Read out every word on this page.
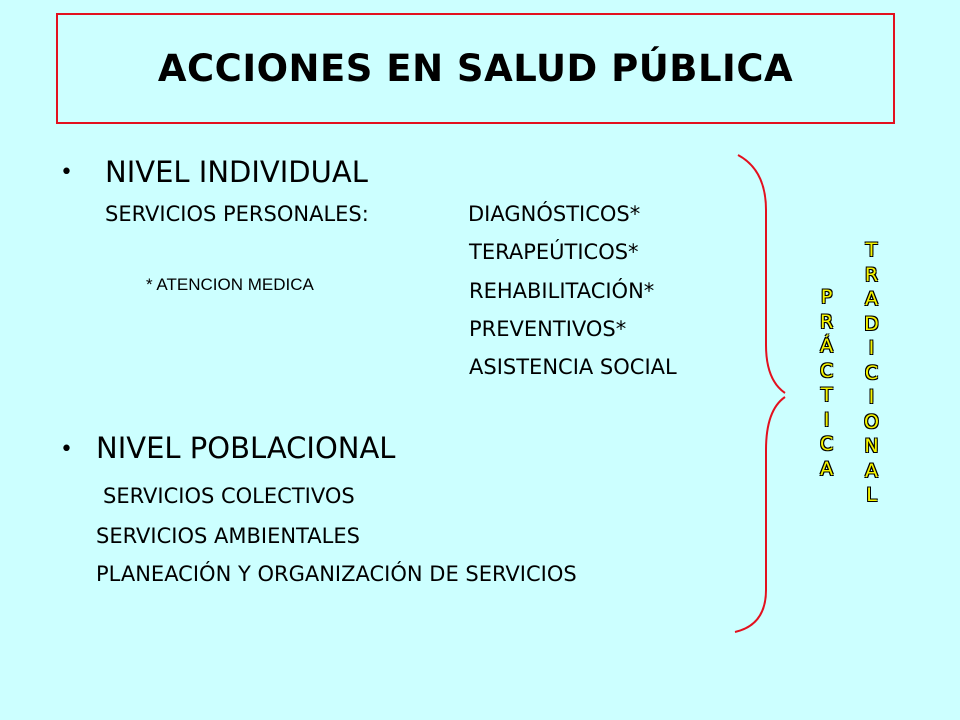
ACCIONES EN SALUD PÚBLICA
• NIVEL INDIVIDUAL
SERVICIOS PERSONALES:	DIAGNÓSTICOS*
TERAPEÚTICOS*
REHABILITACIÓN*
PREVENTIVOS*
ASISTENCIA SOCIAL
* ATENCION MEDICA
• NIVEL POBLACIONAL
SERVICIOS COLECTIVOS
SERVICIOS AMBIENTALES
PLANEACIÓN Y ORGANIZACIÓN DE SERVICIOS
P
R
Á
C
T
I
C
A
T
R
A
D
I
C
I
O
N
A
L
